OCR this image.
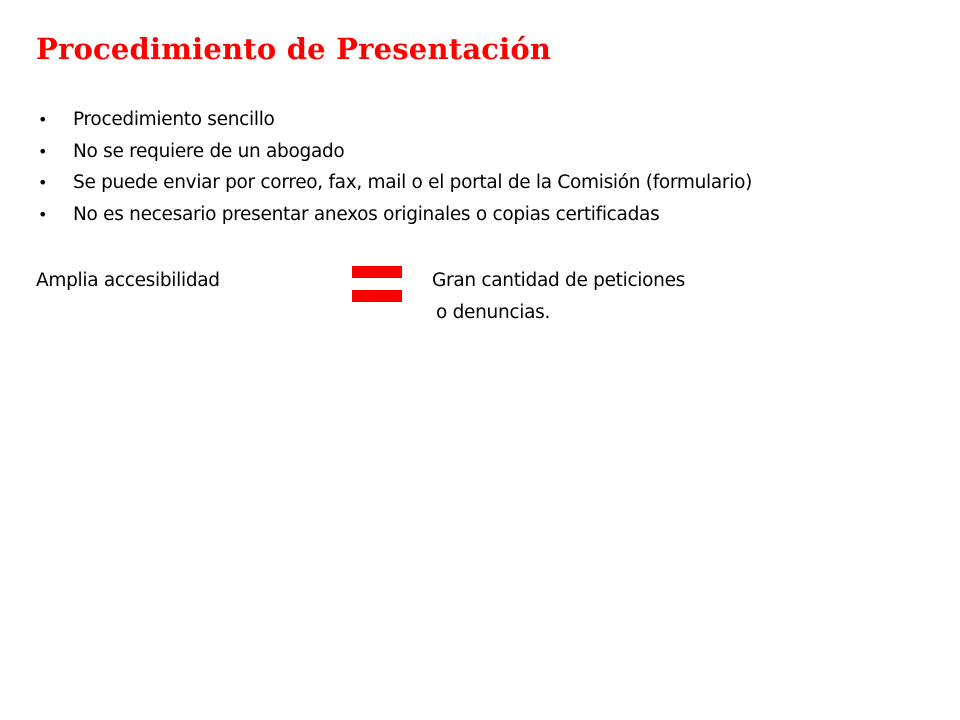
Procedimiento de Presentación
• Procedimiento sencillo
• No se requiere de un abogado
• Se puede enviar por correo, fax, mail o el portal de la Comisión (formulario)
• No es necesario presentar anexos originales o copias certificadas
Amplia accesibilidad	Gran cantidad de peticiones
o denuncias.
